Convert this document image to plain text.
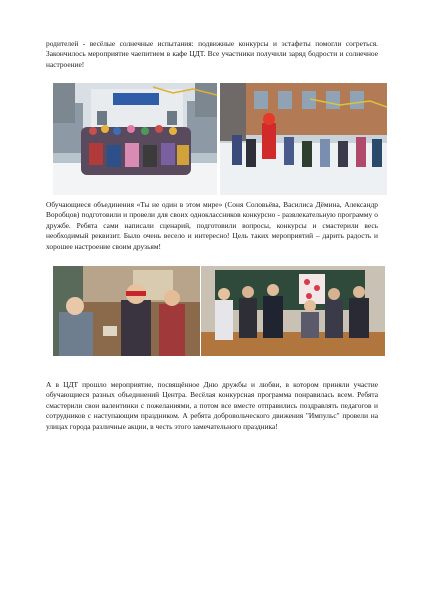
родителей - весёлые солнечные испытания: подвижные конкурсы и эстафеты помогли согреться. Закончилось мероприятие чаепитием в кафе ЦДТ. Все участники получили заряд бодрости и солнечное настроение!

Обучающиеся объединения «Ты не один в этом мире» (Соня Соловьёва, Василиса Дёмина, Александр Воробцов) подготовили и провели для своих одноклассников конкурсно - развлекательную программу о дружбе. Ребята сами написали сценарий, подготовили вопросы, конкурсы и смастерили весь необходимый реквизит. Было очень весело и интересно! Цель таких мероприятий – дарить радость и хорошее настроение своим друзьям!

А в ЦДТ прошло мероприятие, посвящённое Дню дружбы и любви, в котором приняли участие обучающиеся разных объединений Центра. Весёлая конкурсная программа понравилась всем. Ребята смастерили свои валентинки с пожеланиями, а потом все вместе отправились поздравлять педагогов и сотрудников с наступающим праздником. А ребята добровольческого движения "Импульс" провели на улицах города различные акции, в честь этого замечательного праздника!
